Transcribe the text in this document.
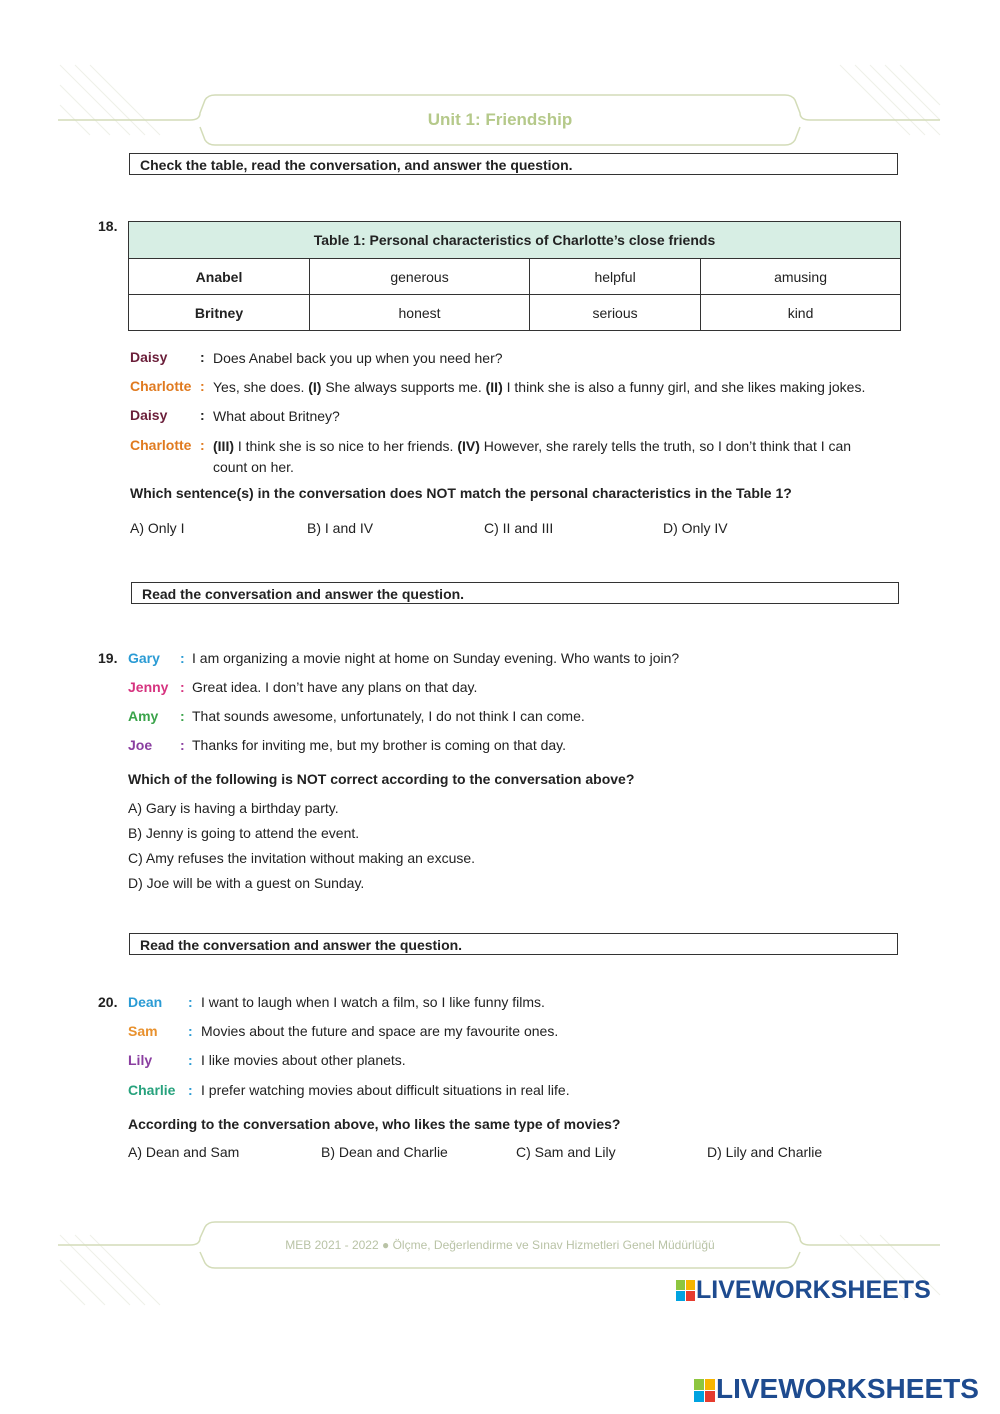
Unit 1: Friendship
Check the table, read the conversation, and answer the question.
18.
Table 1: Personal characteristics of Charlotte’s close friends			
Anabel	generous	helpful	amusing
Britney	honest	serious	kind
Daisy : Does Anabel back you up when you need her?
Charlotte : Yes, she does. (I) She always supports me. (II) I think she is also a funny girl, and she likes making jokes.
Daisy : What about Britney?
Charlotte : (III) I think she is so nice to her friends. (IV) However, she rarely tells the truth, so I don’t think that I can
count on her.
Which sentence(s) in the conversation does NOT match the personal characteristics in the Table 1?
A) Only I	B) I and IV	C) II and III	D) Only IV
Read the conversation and answer the question.
19. Gary : I am organizing a movie night at home on Sunday evening. Who wants to join?
Jenny : Great idea. I don’t have any plans on that day.
Amy : That sounds awesome, unfortunately, I do not think I can come.
Joe : Thanks for inviting me, but my brother is coming on that day.
Which of the following is NOT correct according to the conversation above?
A) Gary is having a birthday party.
B) Jenny is going to attend the event.
C) Amy refuses the invitation without making an excuse.
D) Joe will be with a guest on Sunday.
Read the conversation and answer the question.
20. Dean : I want to laugh when I watch a film, so I like funny films.
Sam : Movies about the future and space are my favourite ones.
Lily	: I like movies about other planets.
Charlie : I prefer watching movies about difficult situations in real life.
According to the conversation above, who likes the same type of movies?
A) Dean and Sam	B) Dean and Charlie	C) Sam and Lily	D) Lily and Charlie
MEB 2021 - 2022 ● Ölçme, Değerlendirme ve Sınav Hizmetleri Genel Müdürlüğü
LIVEWORKSHEETS
LIVEWORKSHEETS
